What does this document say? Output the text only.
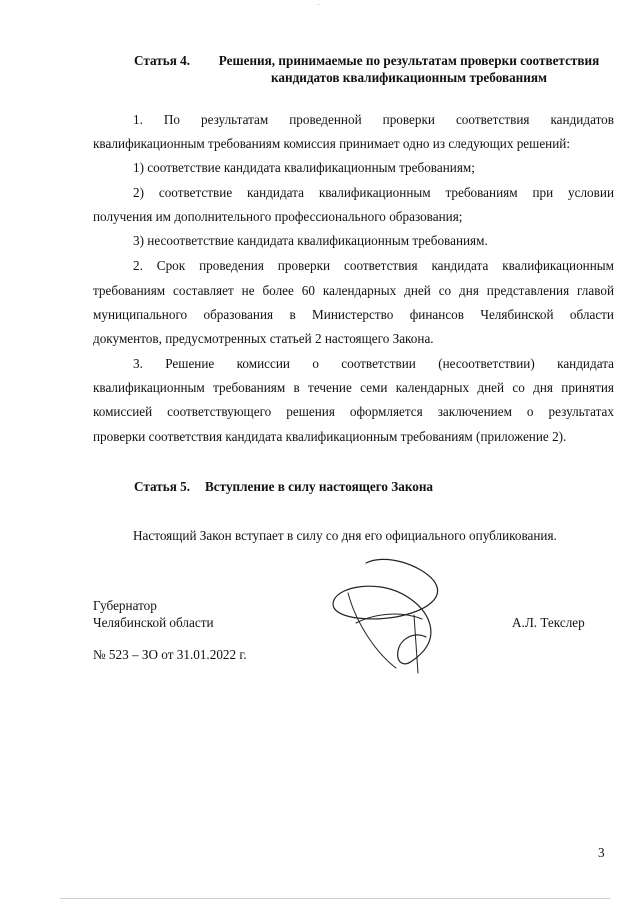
Статья 4.	Решения, принимаемые по результатам проверки соответствия
кандидатов квалификационным требованиям
1. По результатам проведенной проверки соответствия кандидатов
квалификационным требованиям комиссия принимает одно из следующих решений:
1) соответствие кандидата квалификационным требованиям;
2) соответствие кандидата квалификационным требованиям при условии
получения им дополнительного профессионального образования;
3) несоответствие кандидата квалификационным требованиям.
2. Срок проведения проверки соответствия кандидата квалификационным
требованиям составляет не более 60 календарных дней со дня представления главой
муниципального образования в Министерство финансов Челябинской области
документов, предусмотренных статьей 2 настоящего Закона.
3. Решение комиссии о соответствии (несоответствии) кандидата
квалификационным требованиям в течение семи календарных дней со дня принятия
комиссией соответствующего решения оформляется заключением о результатах
проверки соответствия кандидата квалификационным требованиям (приложение 2).
Статья 5. Вступление в силу настоящего Закона
Настоящий Закон вступает в силу со дня его официального опубликования.
Губернатор
Челябинской области	А.Л. Текслер
№ 523 – ЗО от 31.01.2022 г.
3
